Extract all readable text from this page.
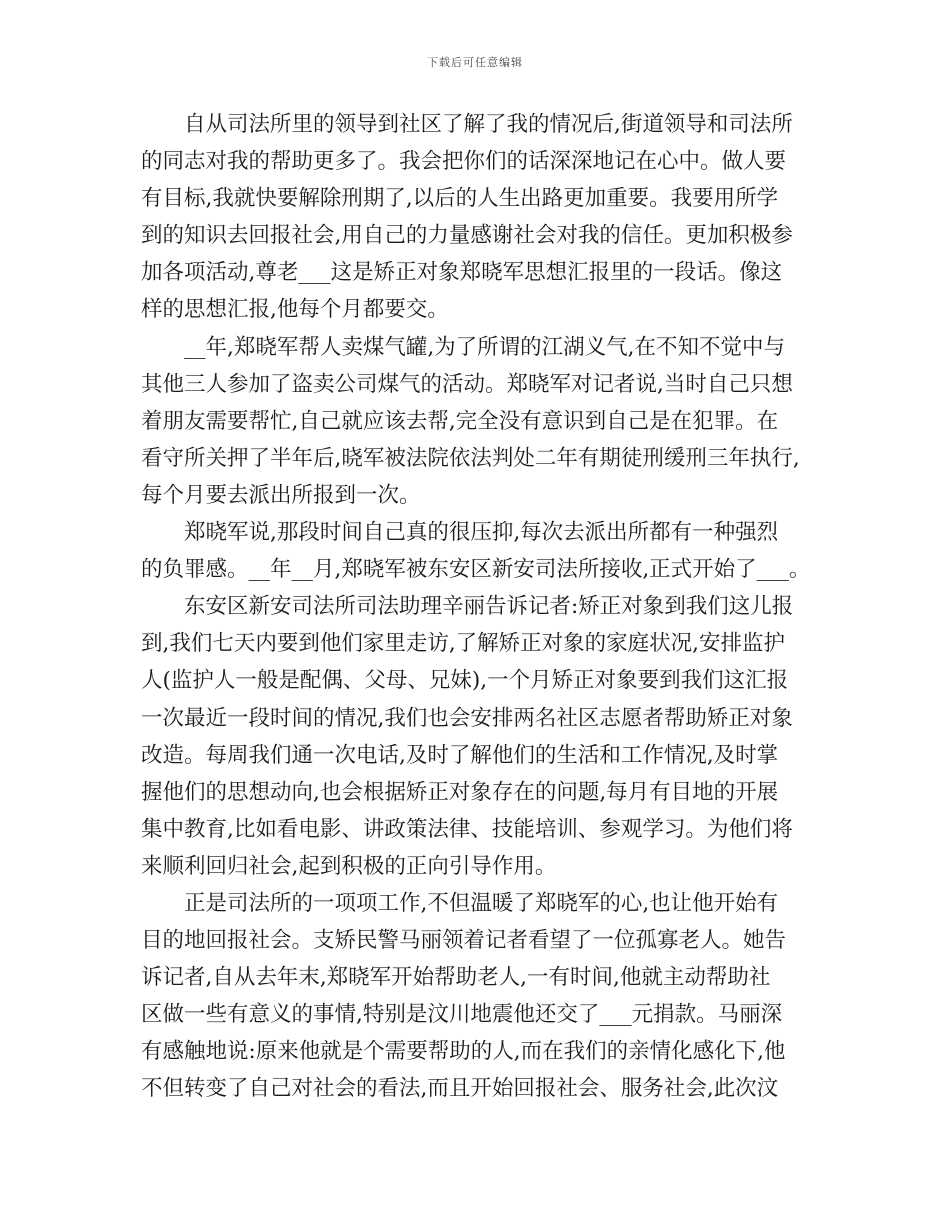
下载后可任意编辑
自从司法所里的领导到社区了解了我的情况后,街道领导和司法所
的同志对我的帮助更多了。我会把你们的话深深地记在心中。做人要
有目标,我就快要解除刑期了,以后的人生出路更加重要。我要用所学
到的知识去回报社会,用自己的力量感谢社会对我的信任。更加积极参
加各项活动,尊老___这是矫正对象郑晓军思想汇报里的一段话。像这
样的思想汇报,他每个月都要交。
__年,郑晓军帮人卖煤气罐,为了所谓的江湖义气,在不知不觉中与
其他三人参加了盗卖公司煤气的活动。郑晓军对记者说,当时自己只想
着朋友需要帮忙,自己就应该去帮,完全没有意识到自己是在犯罪。在
看守所关押了半年后,晓军被法院依法判处二年有期徒刑缓刑三年执行,
每个月要去派出所报到一次。
郑晓军说,那段时间自己真的很压抑,每次去派出所都有一种强烈
的负罪感。__年__月,郑晓军被东安区新安司法所接收,正式开始了___。
东安区新安司法所司法助理辛丽告诉记者:矫正对象到我们这儿报
到,我们七天内要到他们家里走访,了解矫正对象的家庭状况,安排监护
人(监护人一般是配偶、父母、兄妹),一个月矫正对象要到我们这汇报
一次最近一段时间的情况,我们也会安排两名社区志愿者帮助矫正对象
改造。每周我们通一次电话,及时了解他们的生活和工作情况,及时掌
握他们的思想动向,也会根据矫正对象存在的问题,每月有目地的开展
集中教育,比如看电影、讲政策法律、技能培训、参观学习。为他们将
来顺利回归社会,起到积极的正向引导作用。
正是司法所的一项项工作,不但温暖了郑晓军的心,也让他开始有
目的地回报社会。支矫民警马丽领着记者看望了一位孤寡老人。她告
诉记者,自从去年末,郑晓军开始帮助老人,一有时间,他就主动帮助社
区做一些有意义的事情,特别是汶川地震他还交了___元捐款。马丽深
有感触地说:原来他就是个需要帮助的人,而在我们的亲情化感化下,他
不但转变了自己对社会的看法,而且开始回报社会、服务社会,此次汶
